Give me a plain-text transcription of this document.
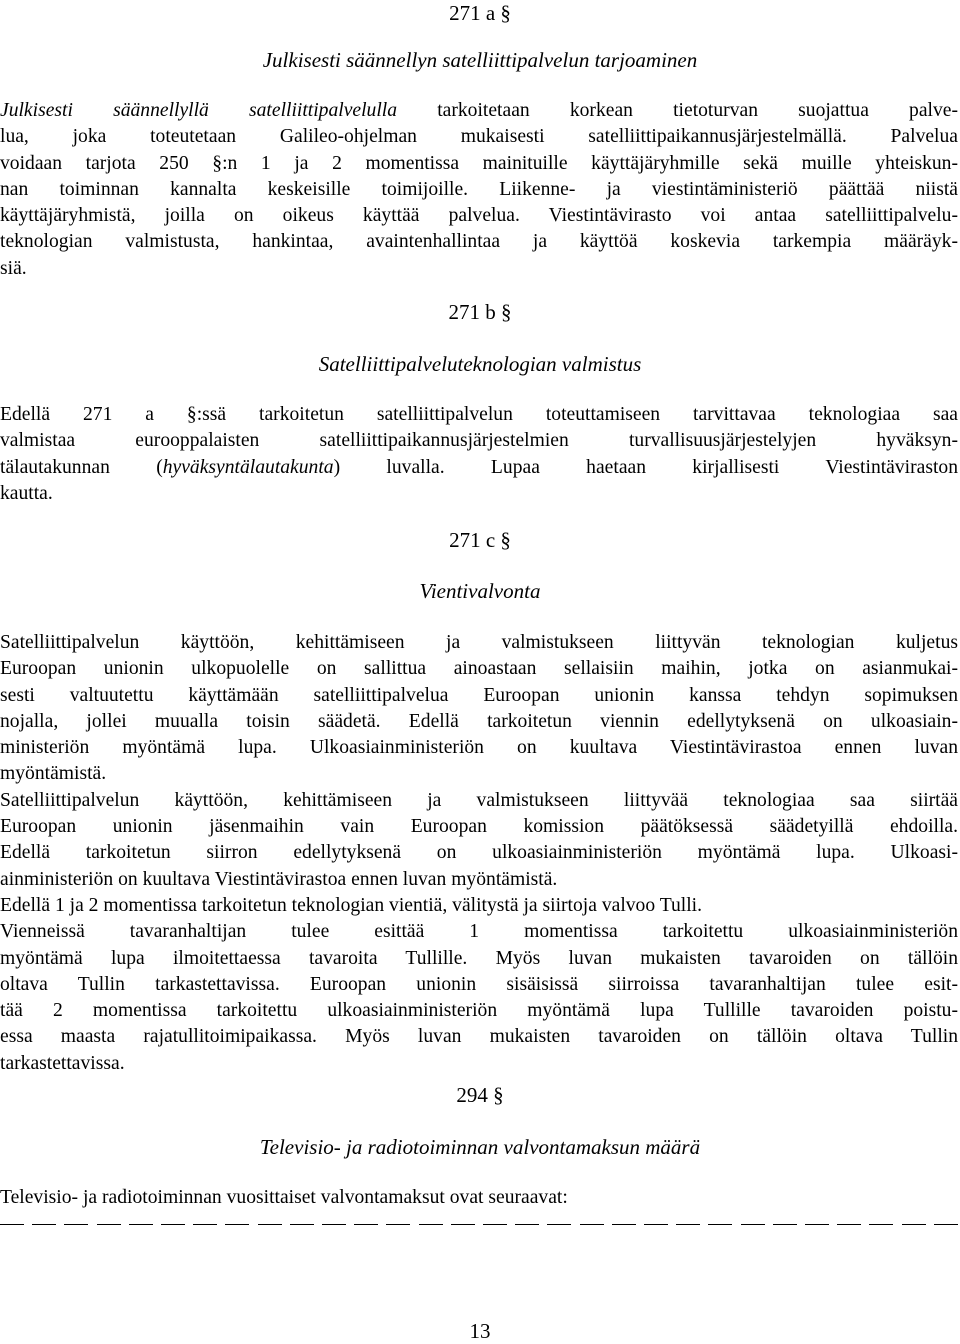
271 a §
Julkisesti säännellyn satelliittipalvelun tarjoaminen
Julkisesti säännellyllä satelliittipalvelulla tarkoitetaan korkean tietoturvan suojattua palve-
lua, joka toteutetaan Galileo-ohjelman mukaisesti satelliittipaikannusjärjestelmällä. Palvelua
voidaan tarjota 250 §:n 1 ja 2 momentissa mainituille käyttäjäryhmille sekä muille yhteiskun-
nan toiminnan kannalta keskeisille toimijoille. Liikenne- ja viestintäministeriö päättää niistä
käyttäjäryhmistä, joilla on oikeus käyttää palvelua. Viestintävirasto voi antaa satelliittipalvelu-
teknologian valmistusta, hankintaa, avaintenhallintaa ja käyttöä koskevia tarkempia määräyk-
siä.
271 b §
Satelliittipalveluteknologian valmistus
Edellä 271 a §:ssä tarkoitetun satelliittipalvelun toteuttamiseen tarvittavaa teknologiaa saa
valmistaa eurooppalaisten satelliittipaikannusjärjestelmien turvallisuusjärjestelyjen hyväksyn-
tälautakunnan (hyväksyntälautakunta) luvalla. Lupaa haetaan kirjallisesti Viestintäviraston
kautta.
271 c §
Vientivalvonta
Satelliittipalvelun käyttöön, kehittämiseen ja valmistukseen liittyvän teknologian kuljetus
Euroopan unionin ulkopuolelle on sallittua ainoastaan sellaisiin maihin, jotka on asianmukai-
sesti valtuutettu käyttämään satelliittipalvelua Euroopan unionin kanssa tehdyn sopimuksen
nojalla, jollei muualla toisin säädetä. Edellä tarkoitetun viennin edellytyksenä on ulkoasiain-
ministeriön myöntämä lupa. Ulkoasiainministeriön on kuultava Viestintävirastoa ennen luvan
myöntämistä.
Satelliittipalvelun käyttöön, kehittämiseen ja valmistukseen liittyvää teknologiaa saa siirtää
Euroopan unionin jäsenmaihin vain Euroopan komission päätöksessä säädetyillä ehdoilla.
Edellä tarkoitetun siirron edellytyksenä on ulkoasiainministeriön myöntämä lupa. Ulkoasi-
ainministeriön on kuultava Viestintävirastoa ennen luvan myöntämistä.
Edellä 1 ja 2 momentissa tarkoitetun teknologian vientiä, välitystä ja siirtoja valvoo Tulli.
Vienneissä tavaranhaltijan tulee esittää 1 momentissa tarkoitettu ulkoasiainministeriön
myöntämä lupa ilmoitettaessa tavaroita Tullille. Myös luvan mukaisten tavaroiden on tällöin
oltava Tullin tarkastettavissa. Euroopan unionin sisäisissä siirroissa tavaranhaltijan tulee esit-
tää 2 momentissa tarkoitettu ulkoasiainministeriön myöntämä lupa Tullille tavaroiden poistu-
essa maasta rajatullitoimipaikassa. Myös luvan mukaisten tavaroiden on tällöin oltava Tullin
tarkastettavissa.
294 §
Televisio- ja radiotoiminnan valvontamaksun määrä
Televisio- ja radiotoiminnan vuosittaiset valvontamaksut ovat seuraavat:
13
